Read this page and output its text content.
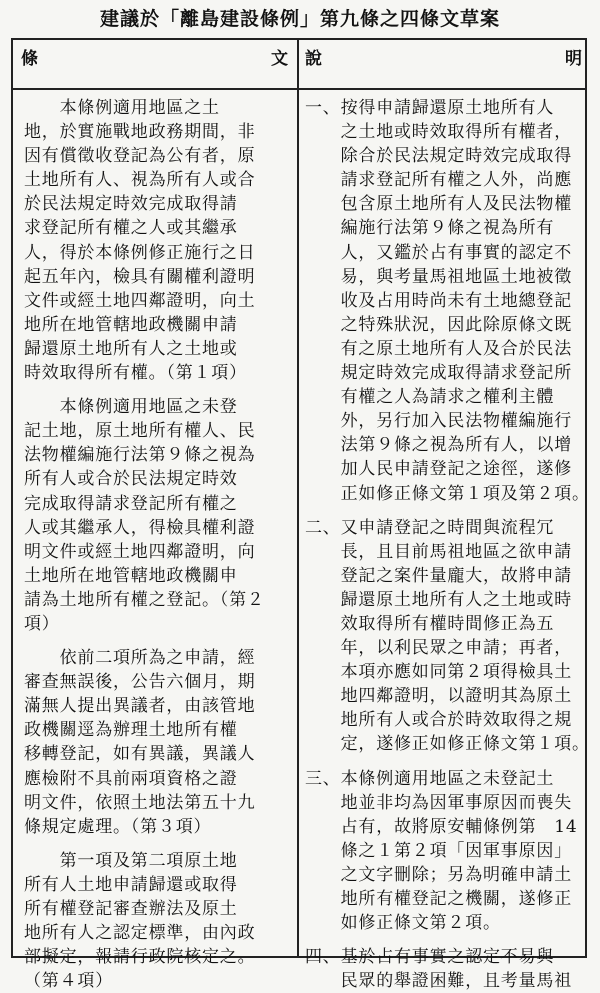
建議於「離島建設條例」第九條之四條文草案
條	文 說	明
　　本條例適用地區之土
地，於實施戰地政務期間，非
因有償徵收登記為公有者，原
土地所有人、視為所有人或合
於民法規定時效完成取得請
求登記所有權之人或其繼承
人，得於本條例修正施行之日
起五年內，檢具有關權利證明
文件或經土地四鄰證明，向土
地所在地管轄地政機關申請
歸還原土地所有人之土地或
時效取得所有權。（第１項）
　　本條例適用地區之未登
記土地，原土地所有權人、民
法物權編施行法第９條之視為
所有人或合於民法規定時效
完成取得請求登記所有權之
人或其繼承人，得檢具權利證
明文件或經土地四鄰證明，向
土地所在地管轄地政機關申
請為土地所有權之登記。（第２
項）
　　依前二項所為之申請，經
審查無誤後，公告六個月，期
滿無人提出異議者，由該管地
政機關逕為辦理土地所有權
移轉登記，如有異議，異議人
應檢附不具前兩項資格之證
明文件，依照土地法第五十九
條規定處理。（第３項）
　　第一項及第二項原土地
所有人土地申請歸還或取得
所有權登記審查辦法及原土
地所有人之認定標準，由內政
部擬定，報請行政院核定之。
（第４項）
一、按得申請歸還原土地所有人
　　之土地或時效取得所有權者，
　　除合於民法規定時效完成取得
　　請求登記所有權之人外，尚應
　　包含原土地所有人及民法物權
　　編施行法第９條之視為所有
　　人，又鑑於占有事實的認定不
　　易，與考量馬祖地區土地被徵
　　收及占用時尚未有土地總登記
　　之特殊狀況，因此除原條文既
　　有之原土地所有人及合於民法
　　規定時效完成取得請求登記所
　　有權之人為請求之權利主體
　　外，另行加入民法物權編施行
　　法第９條之視為所有人，以增
　　加人民申請登記之途徑，遂修
　　正如修正條文第１項及第２項。
二、又申請登記之時間與流程冗
　　長，且目前馬祖地區之欲申請
　　登記之案件量龐大，故將申請
　　歸還原土地所有人之土地或時
　　效取得所有權時間修正為五
　　年，以利民眾之申請；再者，
　　本項亦應如同第２項得檢具土
　　地四鄰證明，以證明其為原土
　　地所有人或合於時效取得之規
　　定，遂修正如修正條文第１項。
三、本條例適用地區之未登記土
　　地並非均為因軍事原因而喪失
　　占有，故將原安輔條例第　14
　　條之１第２項「因軍事原因」
　　之文字刪除；另為明確申請土
　　地所有權登記之機關，遂修正
　　如修正條文第２項。
四、基於占有事實之認定不易與
　　民眾的舉證困難，且考量馬祖
